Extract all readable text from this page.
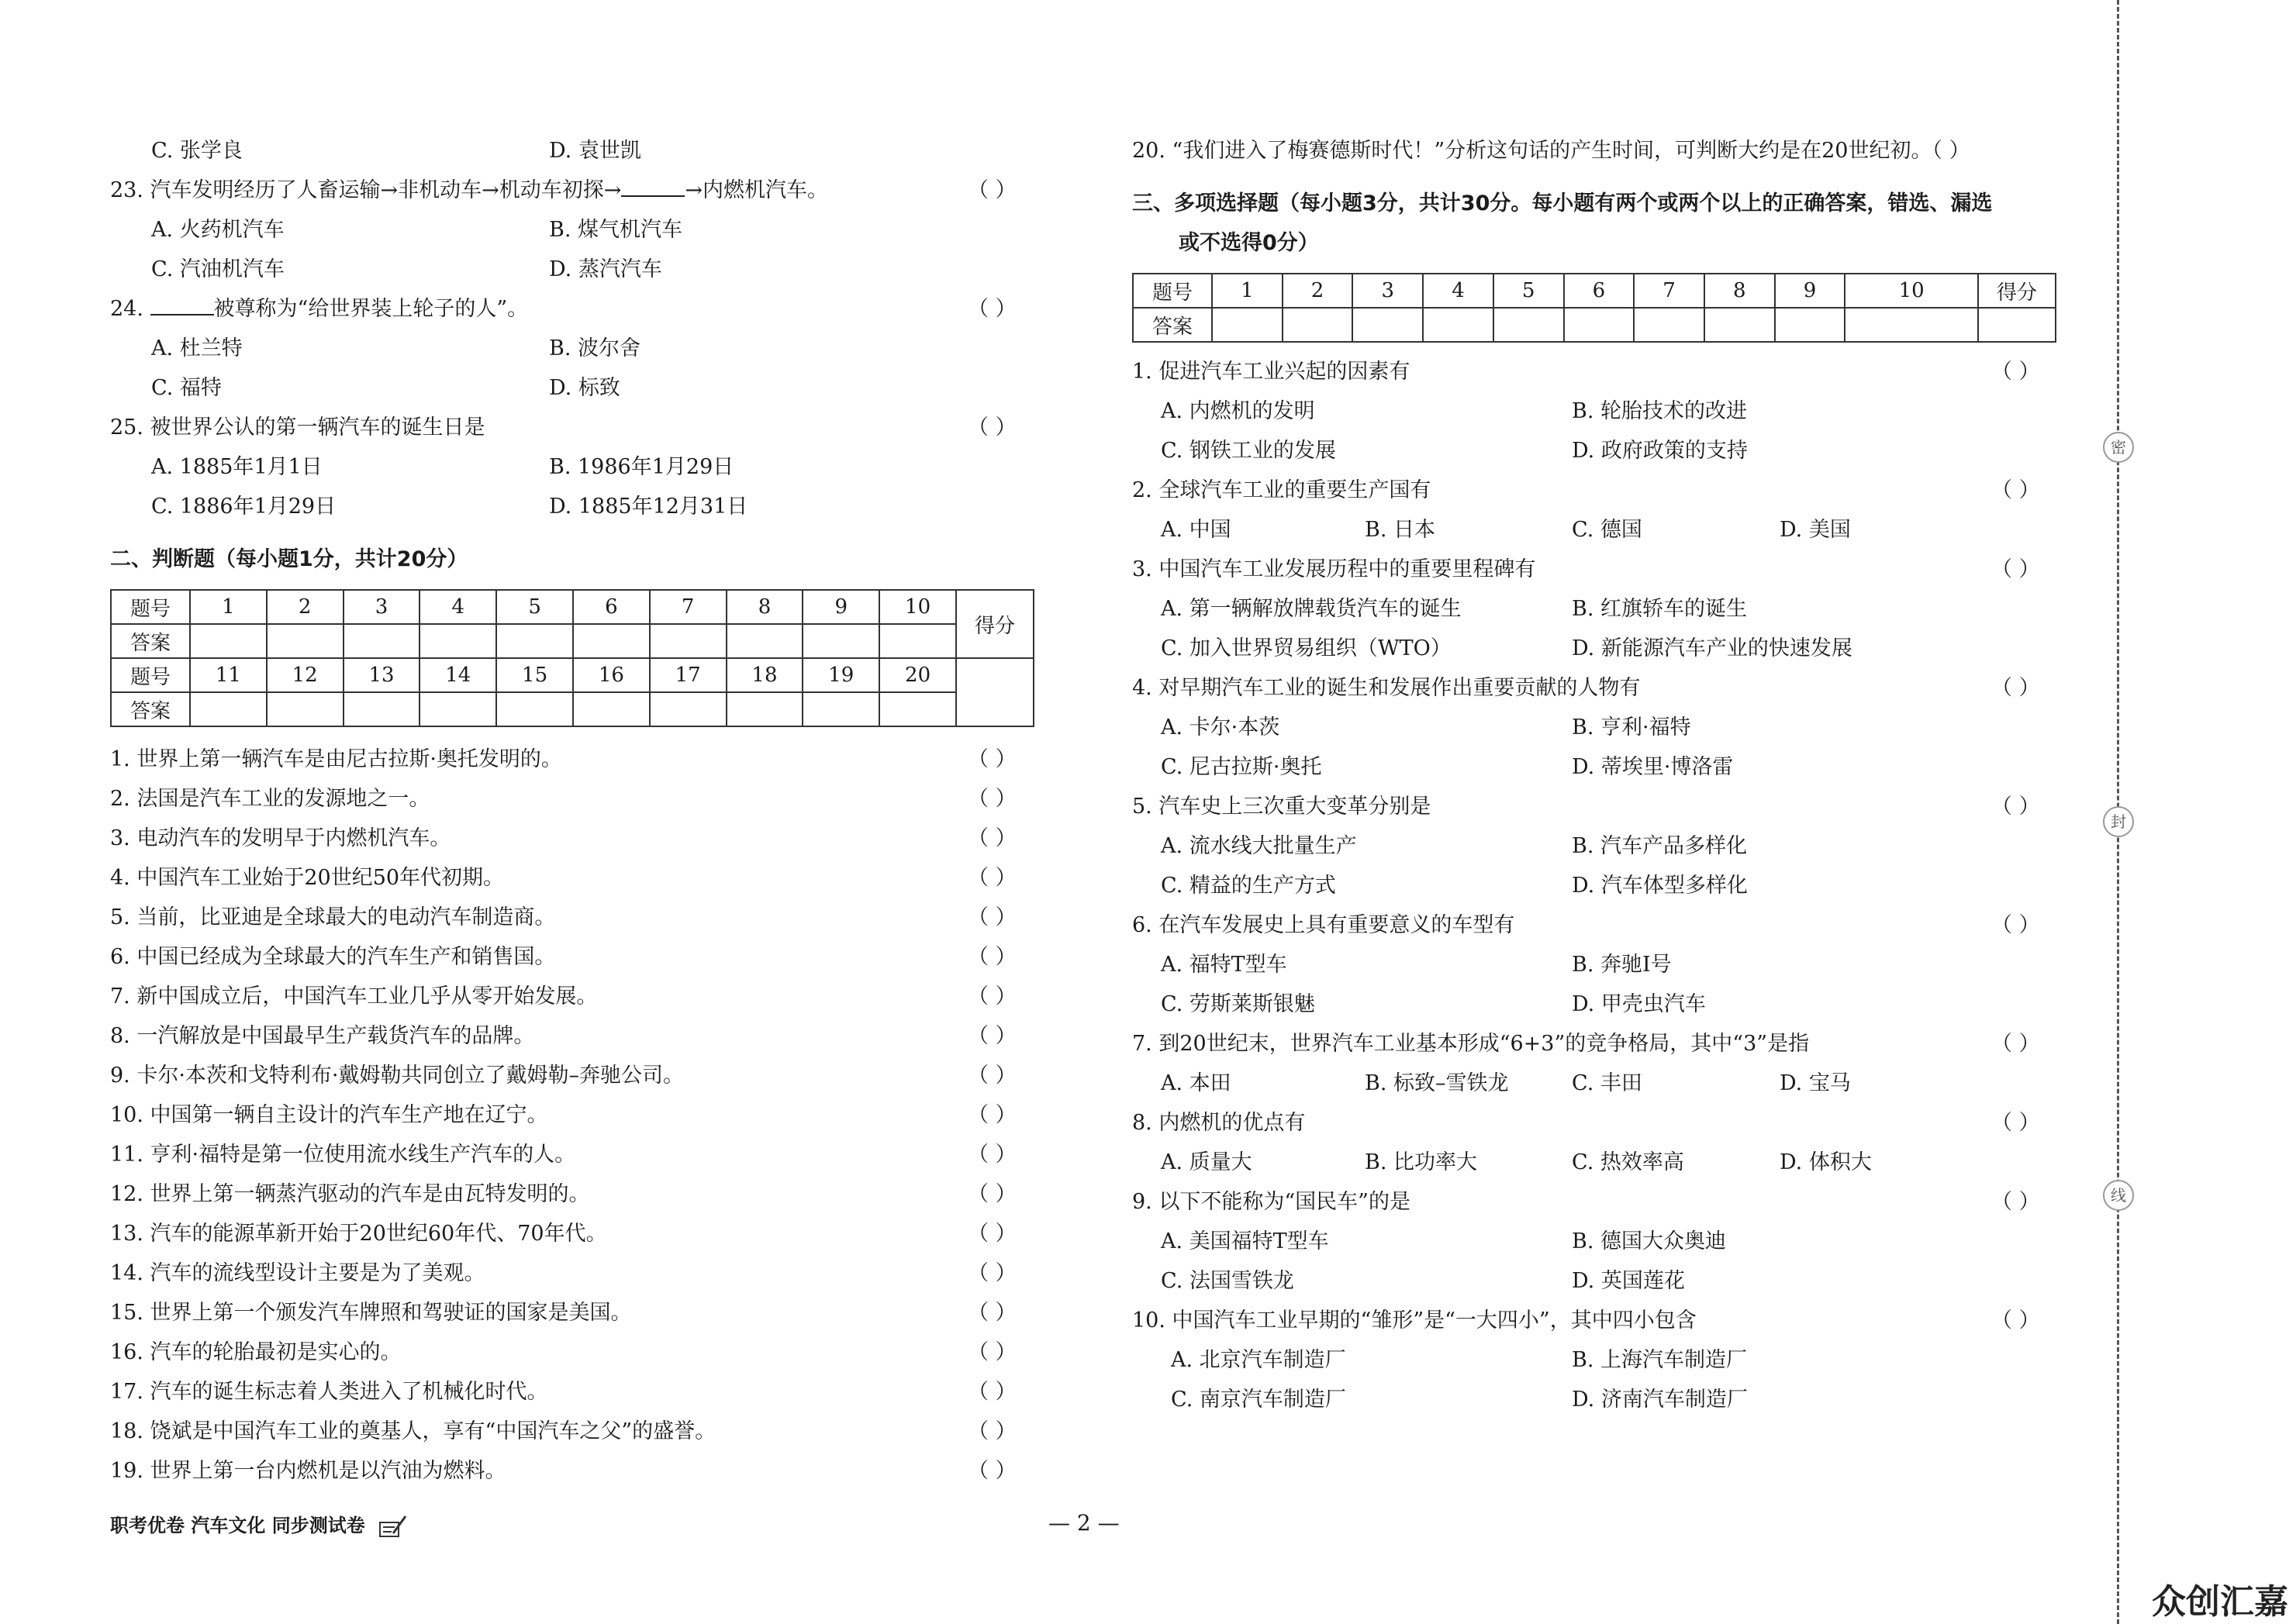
C. 张学良	D. 袁世凯
23. 汽车发明经历了人畜运输→非机动车→机动车初探→	→内燃机汽车。	（ ）
A. 火药机汽车	B. 煤气机汽车
C. 汽油机汽车	D. 蒸汽汽车
24.	被尊称为“给世界装上轮子的人”。	（ ）
A. 杜兰特	B. 波尔舍
C. 福特	D. 标致
25. 被世界公认的第一辆汽车的诞生日是	（ ）
A. 1885年1月1日	B. 1986年1月29日
C. 1886年1月29日	D. 1885年12月31日
二、判断题（每小题1分，共计20分）
题号	1	2	3	4	5	6	7	8	9	10	得分
答案											
题号	11	12	13	14	15	16	17	18	19	20	
答案											
1. 世界上第一辆汽车是由尼古拉斯·奥托发明的。
2. 法国是汽车工业的发源地之一。
3. 电动汽车的发明早于内燃机汽车。
4. 中国汽车工业始于20世纪50年代初期。
5. 当前，比亚迪是全球最大的电动汽车制造商。
6. 中国已经成为全球最大的汽车生产和销售国。
7. 新中国成立后，中国汽车工业几乎从零开始发展。
8. 一汽解放是中国最早生产载货汽车的品牌。
9. 卡尔·本茨和戈特利布·戴姆勒共同创立了戴姆勒–奔驰公司。
10. 中国第一辆自主设计的汽车生产地在辽宁。
11. 亨利·福特是第一位使用流水线生产汽车的人。
12. 世界上第一辆蒸汽驱动的汽车是由瓦特发明的。
13. 汽车的能源革新开始于20世纪60年代、70年代。
14. 汽车的流线型设计主要是为了美观。
15. 世界上第一个颁发汽车牌照和驾驶证的国家是美国。
16. 汽车的轮胎最初是实心的。
17. 汽车的诞生标志着人类进入了机械化时代。
18. 饶斌是中国汽车工业的奠基人，享有“中国汽车之父”的盛誉。
19. 世界上第一台内燃机是以汽油为燃料。
（ ）
（ ）
（ ）
（ ）
（ ）
（ ）
（ ）
（ ）
（ ）
（ ）
（ ）
（ ）
（ ）
（ ）
（ ）
（ ）
（ ）
（ ）
（ ）
20. “我们进入了梅赛德斯时代！”分析这句话的产生时间，可判断大约是在20世纪初。（ ）
三、多项选择题（每小题3分，共计30分。每小题有两个或两个以上的正确答案，错选、漏选
或不选得0分）
题号	1	2	3	4	5	6	7	8	9	10	得分
答案											
1. 促进汽车工业兴起的因素有	（ ）
A. 内燃机的发明	B. 轮胎技术的改进
C. 钢铁工业的发展	D. 政府政策的支持
2. 全球汽车工业的重要生产国有	（ ）
A. 中国	B. 日本	C. 德国	D. 美国
3. 中国汽车工业发展历程中的重要里程碑有	（ ）
A. 第一辆解放牌载货汽车的诞生	B. 红旗轿车的诞生
C. 加入世界贸易组织（WTO）	D. 新能源汽车产业的快速发展
4. 对早期汽车工业的诞生和发展作出重要贡献的人物有	（ ）
A. 卡尔·本茨	B. 亨利·福特
C. 尼古拉斯·奥托	D. 蒂埃里·博洛雷
5. 汽车史上三次重大变革分别是	（ ）
A. 流水线大批量生产	B. 汽车产品多样化
C. 精益的生产方式	D. 汽车体型多样化
6. 在汽车发展史上具有重要意义的车型有	（ ）
A. 福特T型车	B. 奔驰Ⅰ号
C. 劳斯莱斯银魅	D. 甲壳虫汽车
7. 到20世纪末，世界汽车工业基本形成“6+3”的竞争格局，其中“3”是指	（ ）
A. 本田	B. 标致–雪铁龙	C. 丰田	D. 宝马
8. 内燃机的优点有	（ ）
A. 质量大	B. 比功率大	C. 热效率高	D. 体积大
9. 以下不能称为“国民车”的是	（ ）
A. 美国福特T型车	B. 德国大众奥迪
C. 法国雪铁龙	D. 英国莲花
10. 中国汽车工业早期的“雏形”是“一大四小”，其中四小包含	（ ）
A. 北京汽车制造厂	B. 上海汽车制造厂
C. 南京汽车制造厂	D. 济南汽车制造厂
职考优卷 汽车文化 同步测试卷	— 2 —
密
封
线
众创汇嘉
